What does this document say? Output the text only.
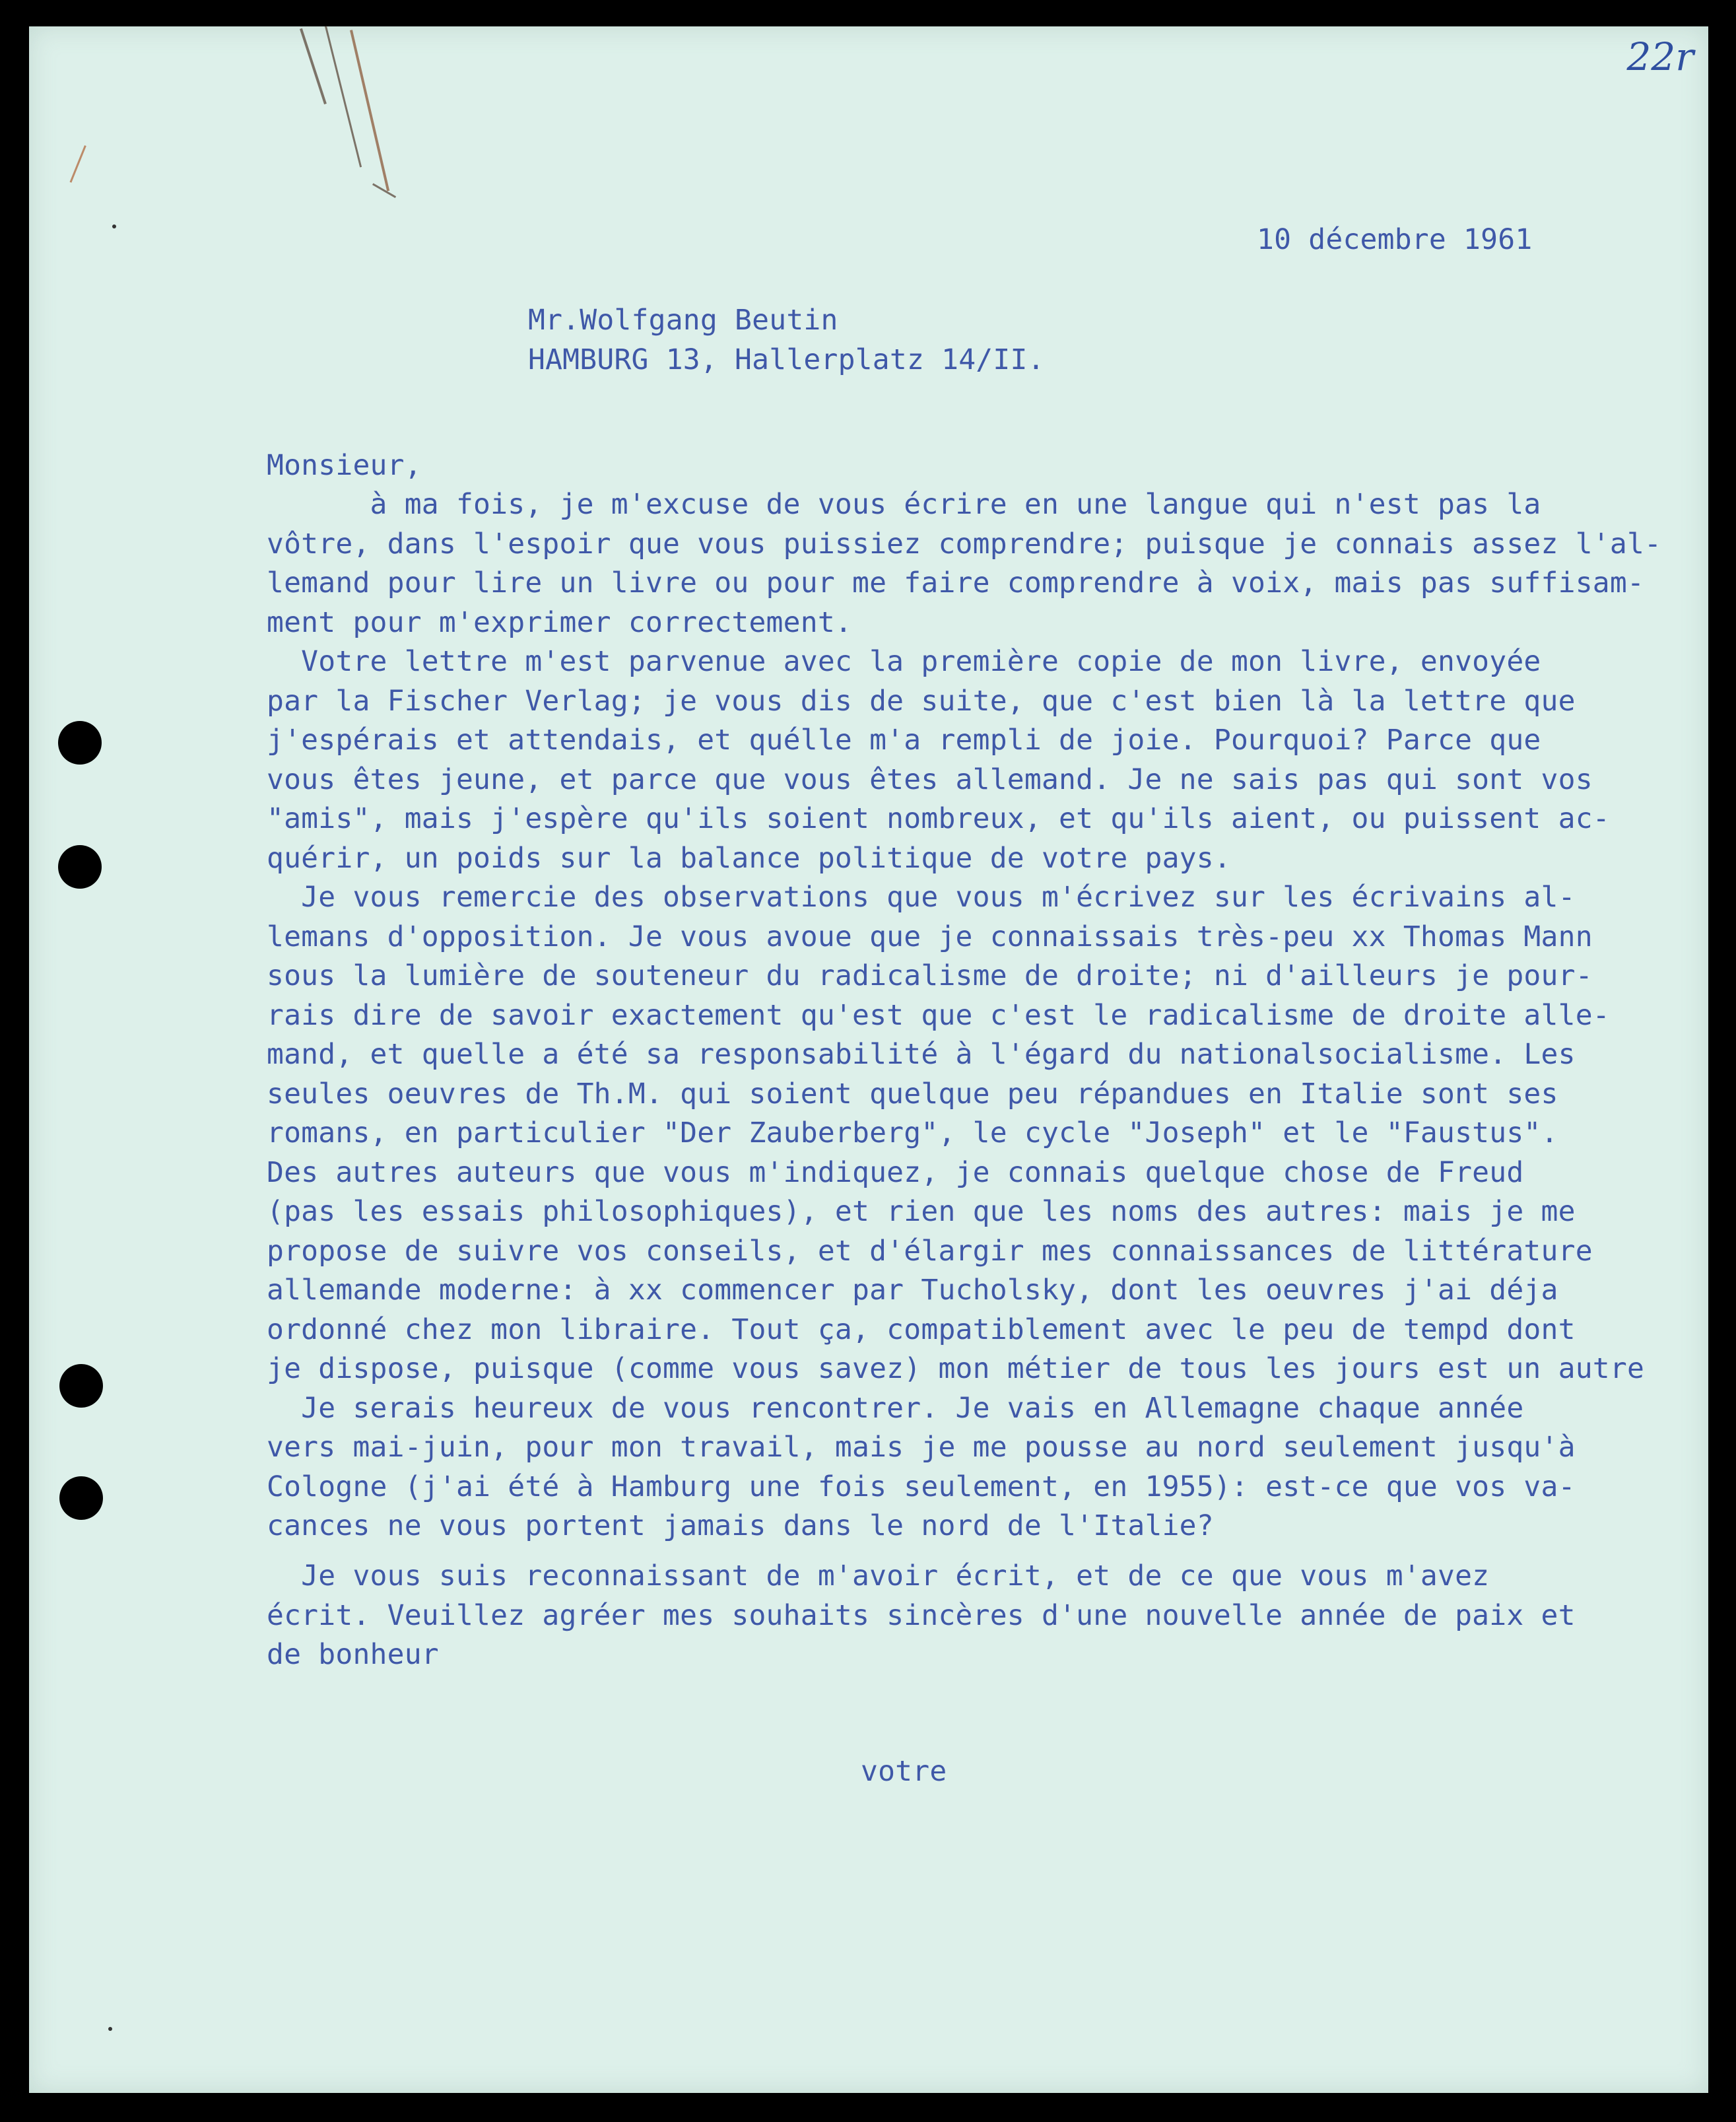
22r
10 décembre 1961
Mr.Wolfgang Beutin
HAMBURG 13, Hallerplatz 14/II.
Monsieur,
à ma fois, je m'excuse de vous écrire en une langue qui n'est pas la
vôtre, dans l'espoir que vous puissiez comprendre; puisque je connais assez l'al-
lemand pour lire un livre ou pour me faire comprendre à voix, mais pas suffisam-
ment pour m'exprimer correctement.
Votre lettre m'est parvenue avec la première copie de mon livre, envoyée
par la Fischer Verlag; je vous dis de suite, que c'est bien là la lettre que
j'espérais et attendais, et quélle m'a rempli de joie. Pourquoi? Parce que
vous êtes jeune, et parce que vous êtes allemand. Je ne sais pas qui sont vos
"amis", mais j'espère qu'ils soient nombreux, et qu'ils aient, ou puissent ac-
quérir, un poids sur la balance politique de votre pays.
Je vous remercie des observations que vous m'écrivez sur les écrivains al-
lemans d'opposition. Je vous avoue que je connaissais très-peu xx Thomas Mann
sous la lumière de souteneur du radicalisme de droite; ni d'ailleurs je pour-
rais dire de savoir exactement qu'est que c'est le radicalisme de droite alle-
mand, et quelle a été sa responsabilité à l'égard du nationalsocialisme. Les
seules oeuvres de Th.M. qui soient quelque peu répandues en Italie sont ses
romans, en particulier "Der Zauberberg", le cycle "Joseph" et le "Faustus".
Des autres auteurs que vous m'indiquez, je connais quelque chose de Freud
(pas les essais philosophiques), et rien que les noms des autres: mais je me
propose de suivre vos conseils, et d'élargir mes connaissances de littérature
allemande moderne: à xx commencer par Tucholsky, dont les oeuvres j'ai déja
ordonné chez mon libraire. Tout ça, compatiblement avec le peu de tempd dont
je dispose, puisque (comme vous savez) mon métier de tous les jours est un autre
Je serais heureux de vous rencontrer. Je vais en Allemagne chaque année
vers mai-juin, pour mon travail, mais je me pousse au nord seulement jusqu'à
Cologne (j'ai été à Hamburg une fois seulement, en 1955): est-ce que vos va-
cances ne vous portent jamais dans le nord de l'Italie?
Je vous suis reconnaissant de m'avoir écrit, et de ce que vous m'avez
écrit. Veuillez agréer mes souhaits sincères d'une nouvelle année de paix et
de bonheur
votre
